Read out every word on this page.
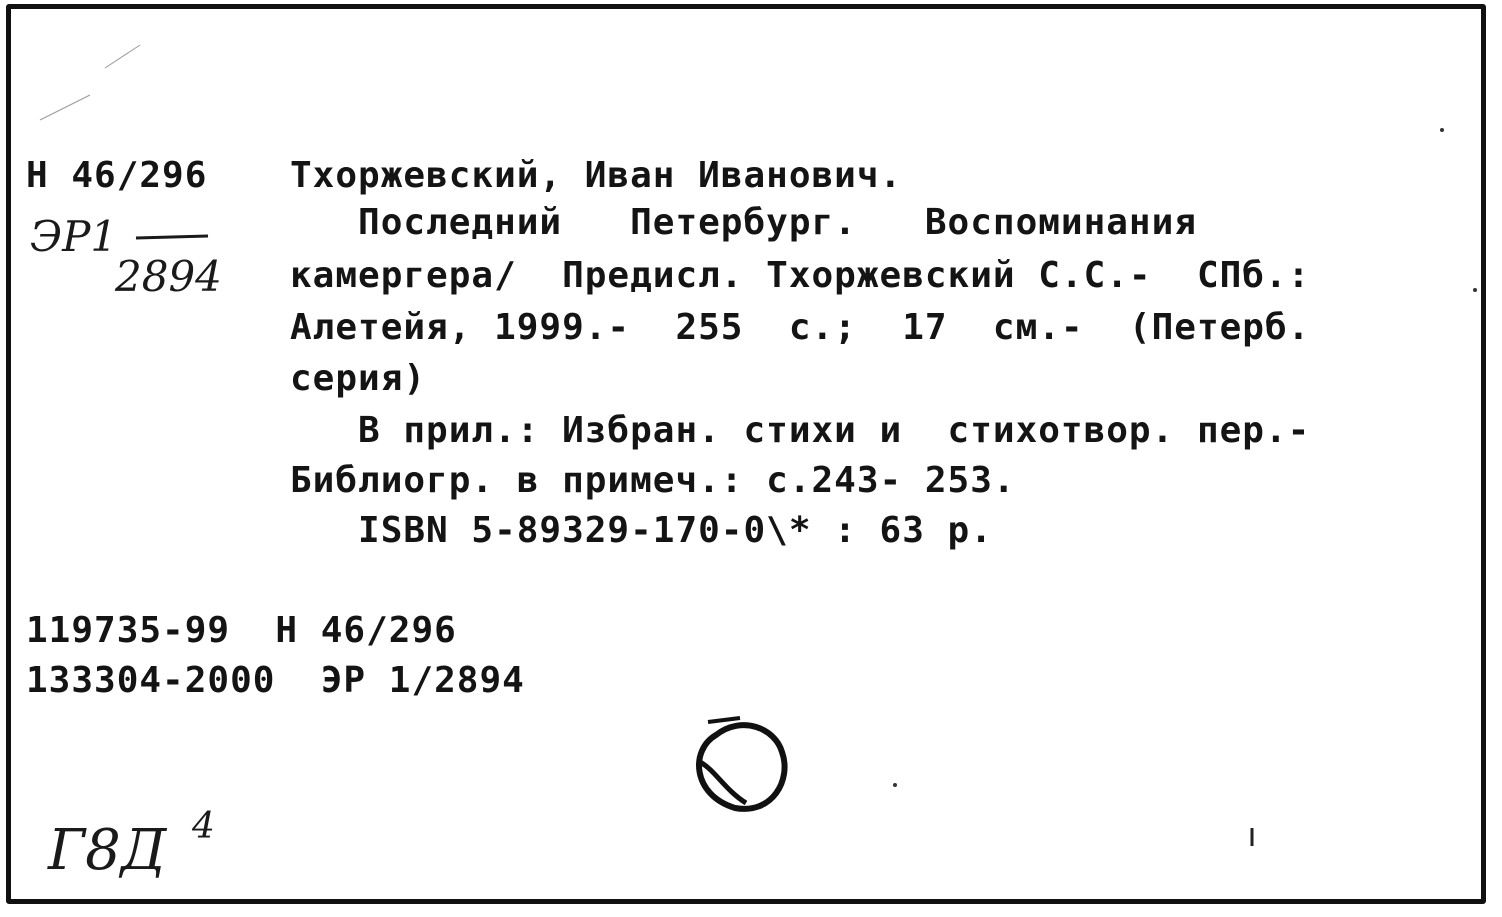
Н 46/296
ЭР1
2894
Тхоржевский, Иван Иванович.
Последний   Петербург.   Воспоминания
камергера/  Предисл. Тхоржевский С.С.-  СПб.:
Алетейя, 1999.-  255  с.;  17  см.-  (Петерб.
серия)
В прил.: Избран. стихи и  стихотвор. пер.-
Библиогр. в примеч.: с.243- 253.
ISBN 5-89329-170-0\* : 63 р.
119735-99  Н 46/296
133304-2000  ЭР 1/2894
Г8Д 4
